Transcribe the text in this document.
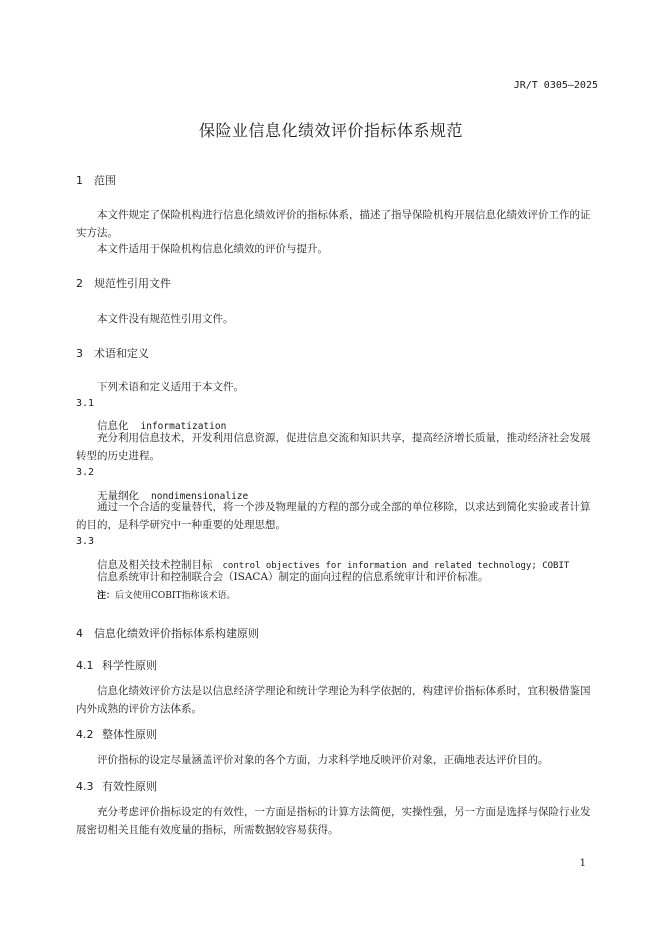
JR/T 0305—2025
保险业信息化绩效评价指标体系规范
1 范围
本文件规定了保险机构进行信息化绩效评价的指标体系，描述了指导保险机构开展信息化绩效评价工作的证实方法。
本文件适用于保险机构信息化绩效的评价与提升。
2 规范性引用文件
本文件没有规范性引用文件。
3 术语和定义
下列术语和定义适用于本文件。
3.1
信息化 informatization
充分利用信息技术，开发利用信息资源，促进信息交流和知识共享，提高经济增长质量，推动经济社会发展转型的历史进程。
3.2
无量纲化 nondimensionalize
通过一个合适的变量替代，将一个涉及物理量的方程的部分或全部的单位移除，以求达到简化实验或者计算的目的，是科学研究中一种重要的处理思想。
3.3
信息及相关技术控制目标 control objectives for information and related technology; COBIT
信息系统审计和控制联合会（ISACA）制定的面向过程的信息系统审计和评价标准。
注：后文使用COBIT指称该术语。
4 信息化绩效评价指标体系构建原则
4.1 科学性原则
信息化绩效评价方法是以信息经济学理论和统计学理论为科学依据的，构建评价指标体系时，宜积极借鉴国内外成熟的评价方法体系。
4.2 整体性原则
评价指标的设定尽量涵盖评价对象的各个方面，力求科学地反映评价对象，正确地表达评价目的。
4.3 有效性原则
充分考虑评价指标设定的有效性，一方面是指标的计算方法简便，实操性强，另一方面是选择与保险行业发展密切相关且能有效度量的指标，所需数据较容易获得。
1
